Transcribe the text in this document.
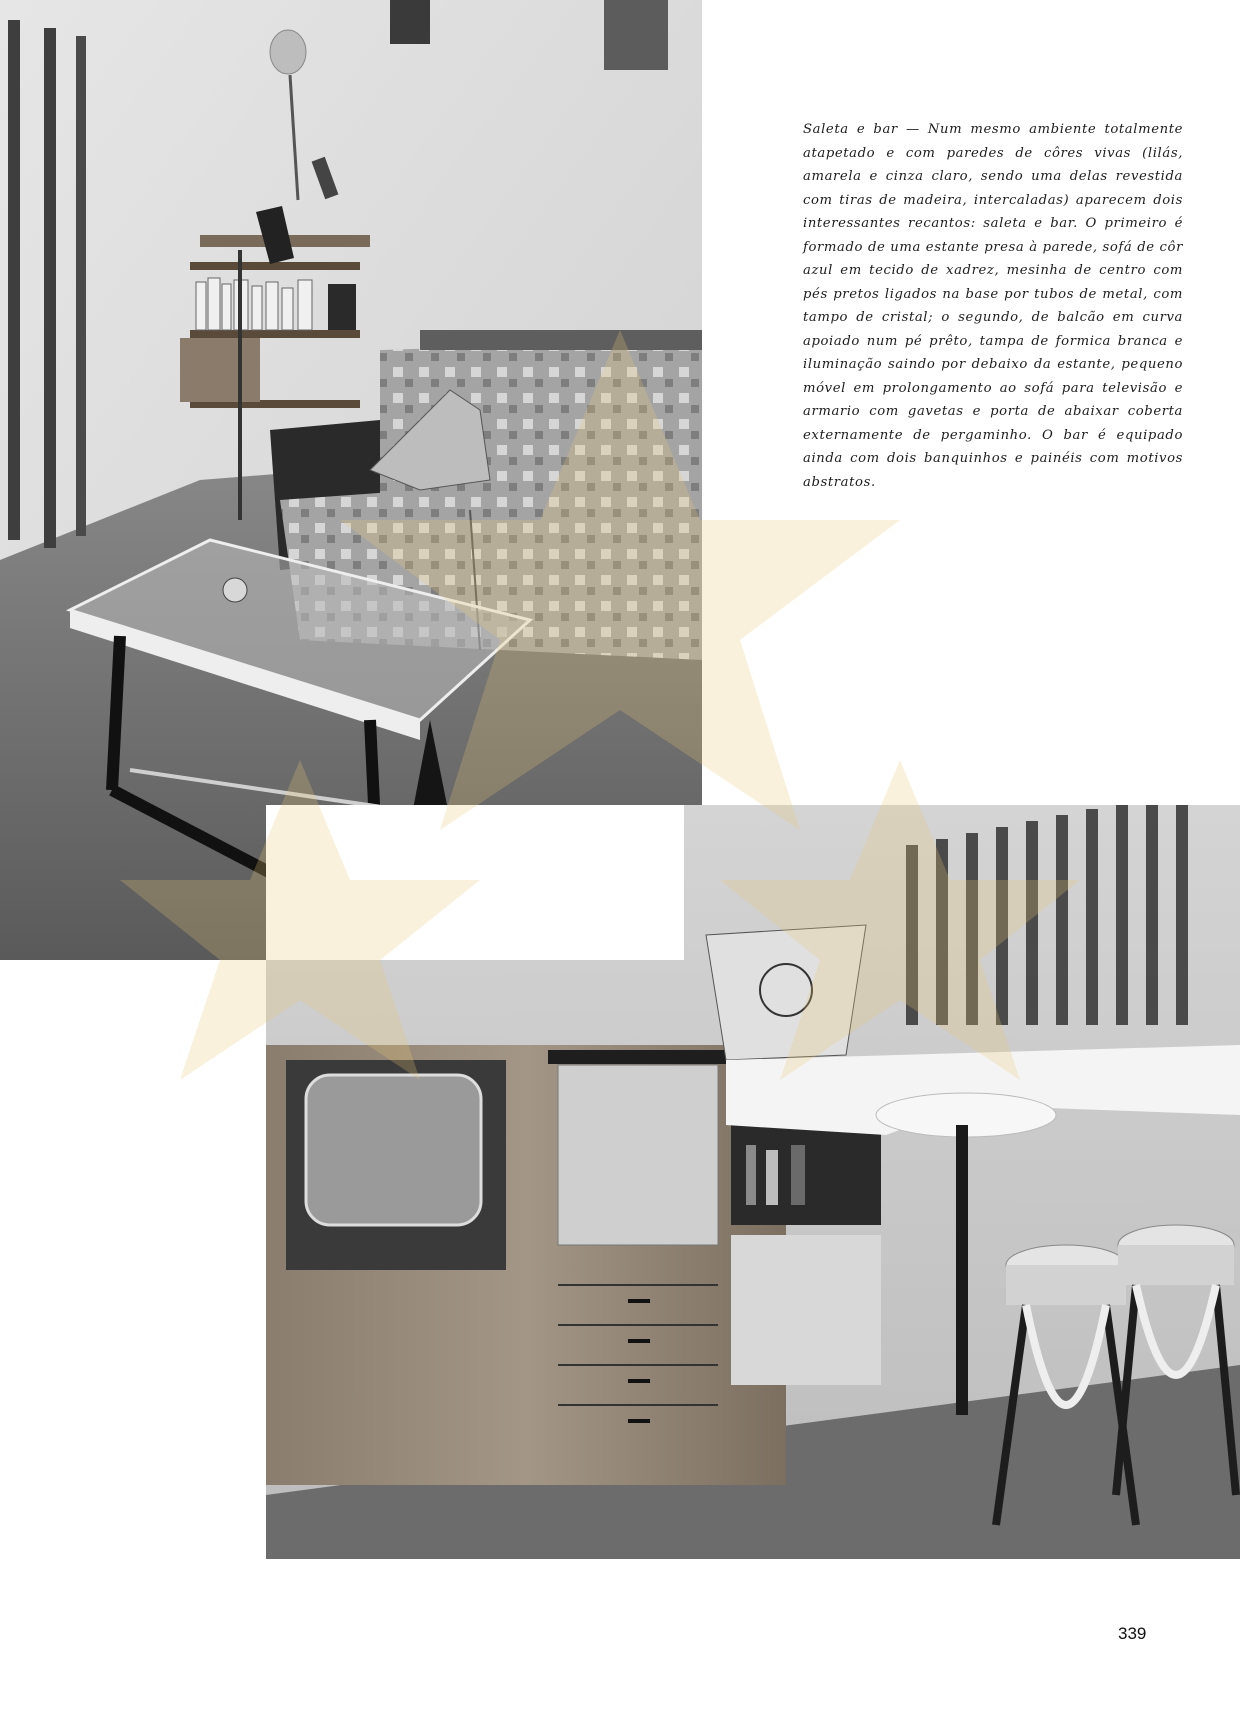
Saleta e bar — Num mesmo ambiente totalmente atapetado e com paredes de côres vivas (lilás, amarela e cinza claro, sendo uma delas revestida com tiras de madeira, intercaladas) aparecem dois interessantes recantos: saleta e bar. O primeiro é formado de uma estante presa à parede, sofá de côr azul em tecido de xadrez, mesinha de centro com pés pretos ligados na base por tubos de metal, com tampo de cristal; o segundo, de balcão em curva apoiado num pé prêto, tampa de formica branca e iluminação saindo por debaixo da estante, pequeno móvel em prolongamento ao sofá para televisão e armario com gavetas e porta de abaixar coberta externamente de pergaminho. O bar é equipado ainda com dois banquinhos e painéis com motivos abstratos.

339
